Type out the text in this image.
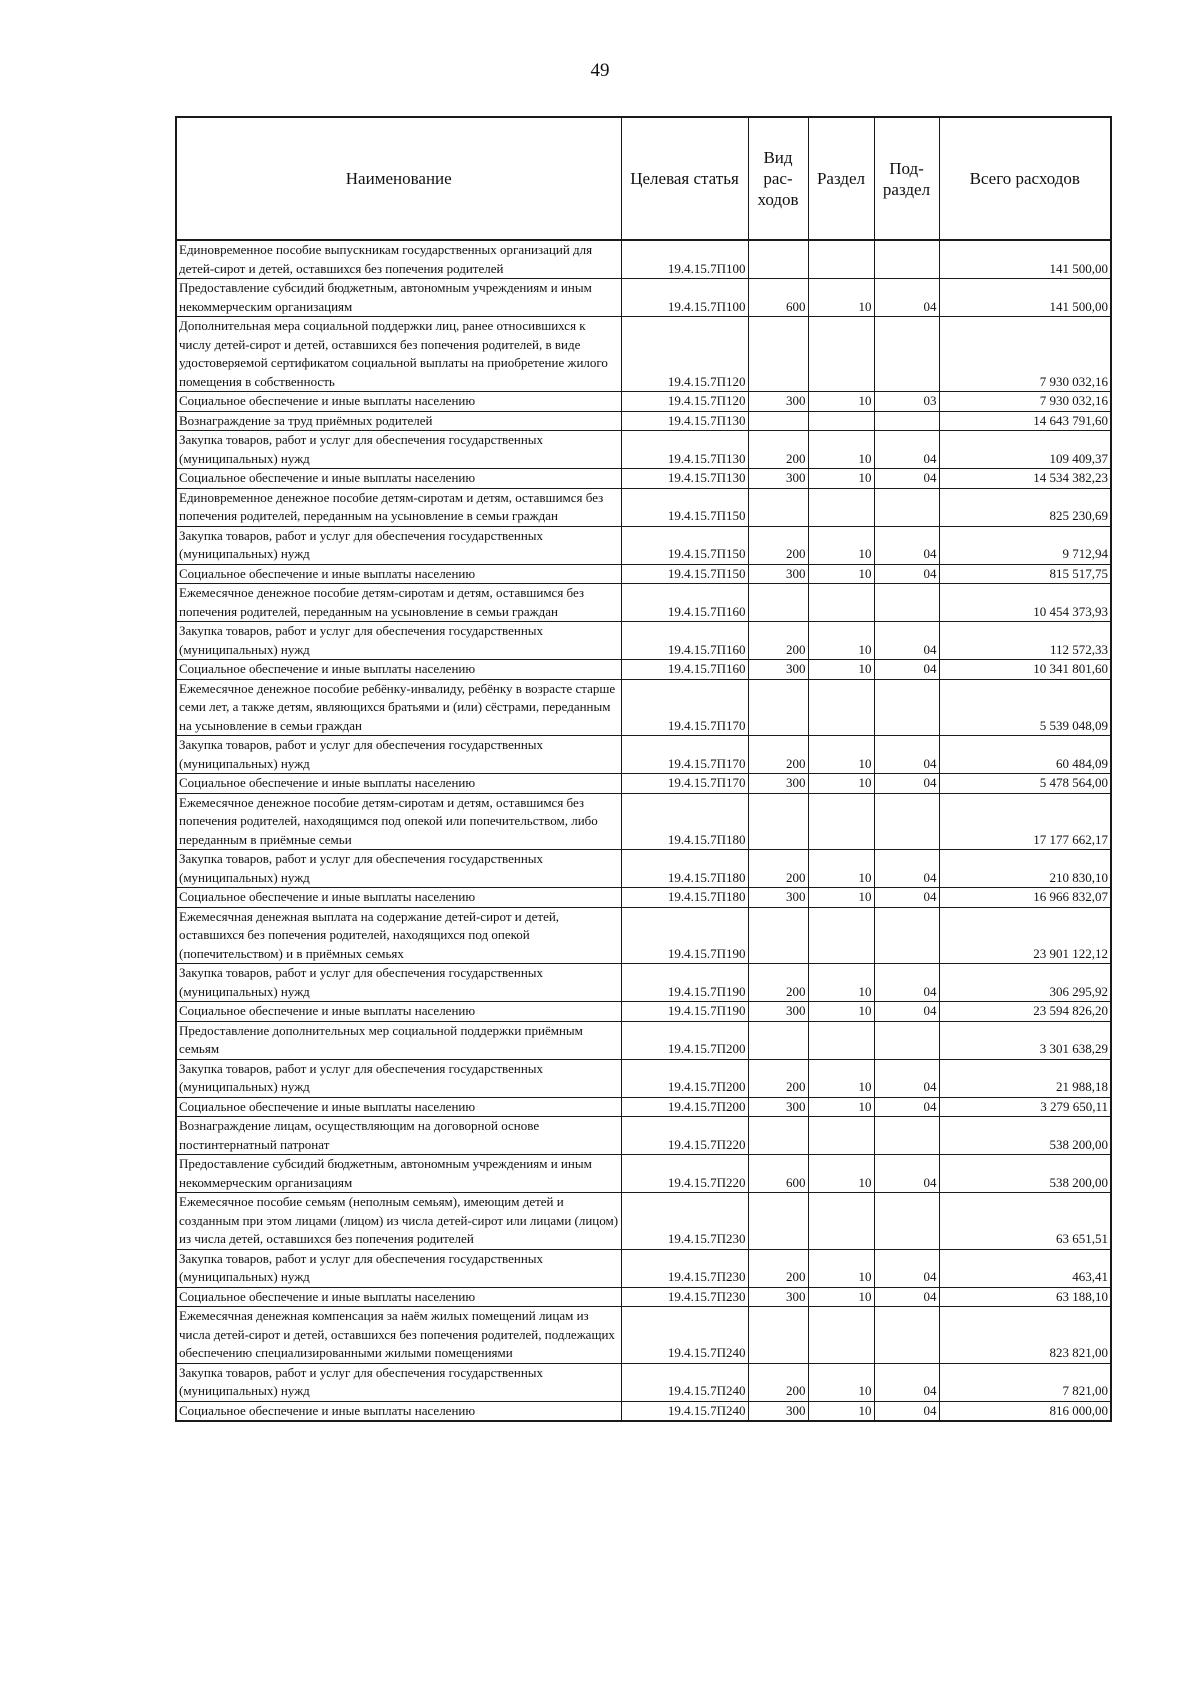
49
Наименование	Целевая статья	Вид рас-ходов	Раздел	Под-раздел	Всего расходов
Единовременное пособие выпускникам государственных организаций для детей-сирот и детей, оставшихся без попечения родителей	19.4.15.7П100				141 500,00
Предоставление субсидий бюджетным, автономным учреждениям и иным некоммерческим организациям	19.4.15.7П100	600	10	04	141 500,00
Дополнительная мера социальной поддержки лиц, ранее относившихся к числу детей-сирот и детей, оставшихся без попечения родителей, в виде удостоверяемой сертификатом социальной выплаты на приобретение жилого помещения в собственность	19.4.15.7П120				7 930 032,16
Социальное обеспечение и иные выплаты населению	19.4.15.7П120	300	10	03	7 930 032,16
Вознаграждение за труд приёмных родителей	19.4.15.7П130				14 643 791,60
Закупка товаров, работ и услуг для обеспечения государственных (муниципальных) нужд	19.4.15.7П130	200	10	04	109 409,37
Социальное обеспечение и иные выплаты населению	19.4.15.7П130	300	10	04	14 534 382,23
Единовременное денежное пособие детям-сиротам и детям, оставшимся без попечения родителей, переданным на усыновление в семьи граждан	19.4.15.7П150				825 230,69
Закупка товаров, работ и услуг для обеспечения государственных (муниципальных) нужд	19.4.15.7П150	200	10	04	9 712,94
Социальное обеспечение и иные выплаты населению	19.4.15.7П150	300	10	04	815 517,75
Ежемесячное денежное пособие детям-сиротам и детям, оставшимся без попечения родителей, переданным на усыновление в семьи граждан	19.4.15.7П160				10 454 373,93
Закупка товаров, работ и услуг для обеспечения государственных (муниципальных) нужд	19.4.15.7П160	200	10	04	112 572,33
Социальное обеспечение и иные выплаты населению	19.4.15.7П160	300	10	04	10 341 801,60
Ежемесячное денежное пособие ребёнку-инвалиду, ребёнку в возрасте старше семи лет, а также детям, являющихся братьями и (или) сёстрами, переданным на усыновление в семьи граждан	19.4.15.7П170				5 539 048,09
Закупка товаров, работ и услуг для обеспечения государственных (муниципальных) нужд	19.4.15.7П170	200	10	04	60 484,09
Социальное обеспечение и иные выплаты населению	19.4.15.7П170	300	10	04	5 478 564,00
Ежемесячное денежное пособие детям-сиротам и детям, оставшимся без попечения родителей, находящимся под опекой или попечительством, либо переданным в приёмные семьи	19.4.15.7П180				17 177 662,17
Закупка товаров, работ и услуг для обеспечения государственных (муниципальных) нужд	19.4.15.7П180	200	10	04	210 830,10
Социальное обеспечение и иные выплаты населению	19.4.15.7П180	300	10	04	16 966 832,07
Ежемесячная денежная выплата на содержание детей-сирот и детей, оставшихся без попечения родителей, находящихся под опекой (попечительством) и в приёмных семьях	19.4.15.7П190				23 901 122,12
Закупка товаров, работ и услуг для обеспечения государственных (муниципальных) нужд	19.4.15.7П190	200	10	04	306 295,92
Социальное обеспечение и иные выплаты населению	19.4.15.7П190	300	10	04	23 594 826,20
Предоставление дополнительных мер социальной поддержки приёмным семьям	19.4.15.7П200				3 301 638,29
Закупка товаров, работ и услуг для обеспечения государственных (муниципальных) нужд	19.4.15.7П200	200	10	04	21 988,18
Социальное обеспечение и иные выплаты населению	19.4.15.7П200	300	10	04	3 279 650,11
Вознаграждение лицам, осуществляющим на договорной основе постинтернатный патронат	19.4.15.7П220				538 200,00
Предоставление субсидий бюджетным, автономным учреждениям и иным некоммерческим организациям	19.4.15.7П220	600	10	04	538 200,00
Ежемесячное пособие семьям (неполным семьям), имеющим детей и созданным при этом лицами (лицом) из числа детей-сирот или лицами (лицом) из числа детей, оставшихся без попечения родителей	19.4.15.7П230				63 651,51
Закупка товаров, работ и услуг для обеспечения государственных (муниципальных) нужд	19.4.15.7П230	200	10	04	463,41
Социальное обеспечение и иные выплаты населению	19.4.15.7П230	300	10	04	63 188,10
Ежемесячная денежная компенсация за наём жилых помещений лицам из числа детей-сирот и детей, оставшихся без попечения родителей, подлежащих обеспечению специализированными жилыми помещениями	19.4.15.7П240				823 821,00
Закупка товаров, работ и услуг для обеспечения государственных (муниципальных) нужд	19.4.15.7П240	200	10	04	7 821,00
Социальное обеспечение и иные выплаты населению	19.4.15.7П240	300	10	04	816 000,00
